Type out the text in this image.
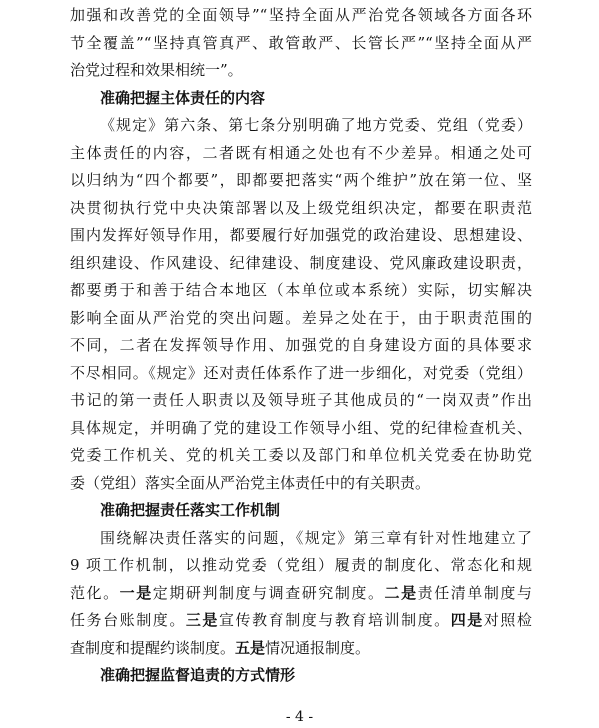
加强和改善党的全面领导”“坚持全面从严治党各领域各方面各环
节全覆盖”“坚持真管真严、敢管敢严、长管长严”“坚持全面从严
治党过程和效果相统一”。
准确把握主体责任的内容
《规定》第六条、第七条分别明确了地方党委、党组（党委）
主体责任的内容，二者既有相通之处也有不少差异。相通之处可
以归纳为“四个都要”，即都要把落实“两个维护”放在第一位、坚
决贯彻执行党中央决策部署以及上级党组织决定，都要在职责范
围内发挥好领导作用，都要履行好加强党的政治建设、思想建设、
组织建设、作风建设、纪律建设、制度建设、党风廉政建设职责，
都要勇于和善于结合本地区（本单位或本系统）实际，切实解决
影响全面从严治党的突出问题。差异之处在于，由于职责范围的
不同，二者在发挥领导作用、加强党的自身建设方面的具体要求
不尽相同。《规定》还对责任体系作了进一步细化，对党委（党组）
书记的第一责任人职责以及领导班子其他成员的“一岗双责”作出
具体规定，并明确了党的建设工作领导小组、党的纪律检查机关、
党委工作机关、党的机关工委以及部门和单位机关党委在协助党
委（党组）落实全面从严治党主体责任中的有关职责。
准确把握责任落实工作机制
围绕解决责任落实的问题，《规定》第三章有针对性地建立了
9 项工作机制，以推动党委（党组）履责的制度化、常态化和规
范化。一是定期研判制度与调查研究制度。二是责任清单制度与
任务台账制度。三是宣传教育制度与教育培训制度。四是对照检
查制度和提醒约谈制度。五是情况通报制度。
准确把握监督追责的方式情形
- 4 -
